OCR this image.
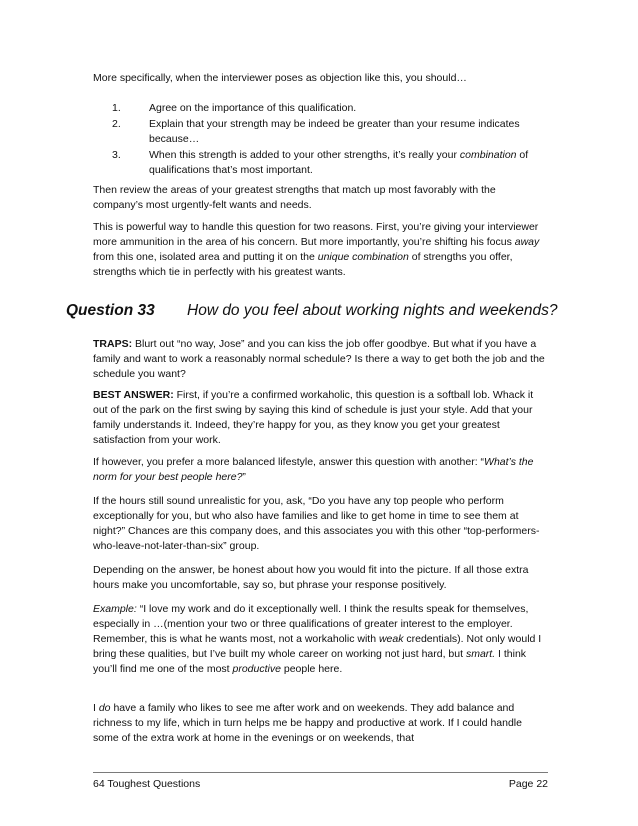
More specifically, when the interviewer poses as objection like this, you should…

1.	Agree on the importance of this qualification.
2.	Explain that your strength may be indeed be greater than your resume indicates because…
3.	When this strength is added to your other strengths, it’s really your combination of qualifications that’s most important.

Then review the areas of your greatest strengths that match up most favorably with the company’s most urgently-felt wants and needs.

This is powerful way to handle this question for two reasons. First, you’re giving your interviewer more ammunition in the area of his concern. But more importantly, you’re shifting his focus away from this one, isolated area and putting it on the unique combination of strengths you offer, strengths which tie in perfectly with his greatest wants.

Question 33 How do you feel about working nights and weekends?

TRAPS: Blurt out “no way, Jose” and you can kiss the job offer goodbye. But what if you have a family and want to work a reasonably normal schedule? Is there a way to get both the job and the schedule you want?

BEST ANSWER: First, if you’re a confirmed workaholic, this question is a softball lob. Whack it out of the park on the first swing by saying this kind of schedule is just your style. Add that your family understands it. Indeed, they’re happy for you, as they know you get your greatest satisfaction from your work.

If however, you prefer a more balanced lifestyle, answer this question with another: “What’s the norm for your best people here?”

If the hours still sound unrealistic for you, ask, “Do you have any top people who perform exceptionally for you, but who also have families and like to get home in time to see them at night?” Chances are this company does, and this associates you with this other “top-performers-who-leave-not-later-than-six” group.

Depending on the answer, be honest about how you would fit into the picture. If all those extra hours make you uncomfortable, say so, but phrase your response positively.

Example: “I love my work and do it exceptionally well. I think the results speak for themselves, especially in …(mention your two or three qualifications of greater interest to the employer. Remember, this is what he wants most, not a workaholic with weak credentials). Not only would I bring these qualities, but I’ve built my whole career on working not just hard, but smart. I think you’ll find me one of the most productive people here.

I do have a family who likes to see me after work and on weekends. They add balance and richness to my life, which in turn helps me be happy and productive at work. If I could handle some of the extra work at home in the evenings or on weekends, that

64 Toughest Questions	Page 22
